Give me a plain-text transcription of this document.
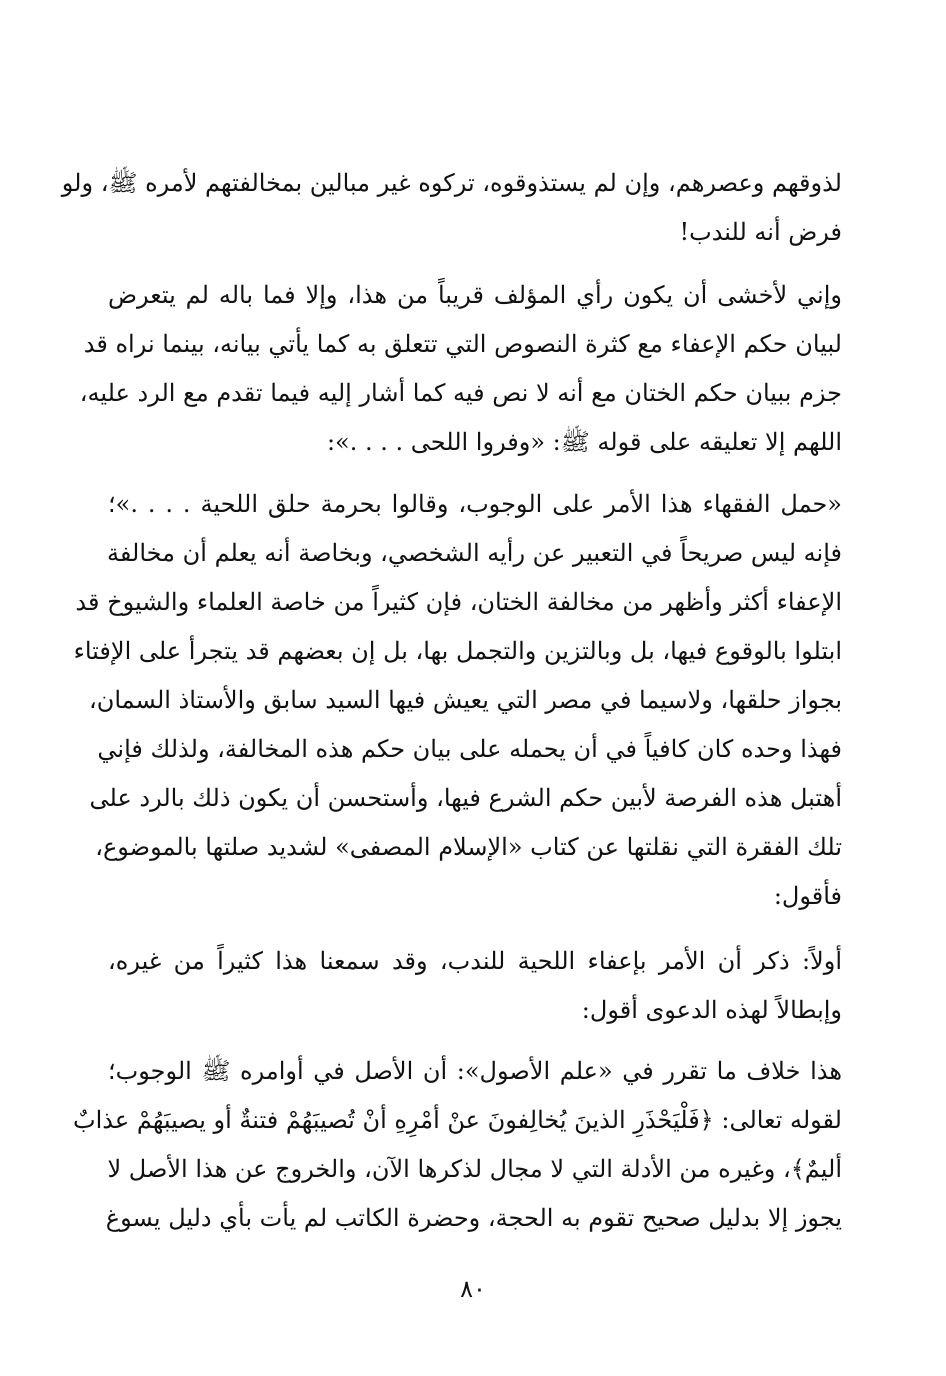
لذوقهم وعصرهم، وإن لم يستذوقوه، تركوه غير مبالين بمخالفتهم لأمره ﷺ، ولو
فرض أنه للندب!

وإني لأخشى أن يكون رأي المؤلف قريباً من هذا، وإلا فما باله لم يتعرض
لبيان حكم الإعفاء مع كثرة النصوص التي تتعلق به كما يأتي بيانه، بينما نراه قد
جزم ببيان حكم الختان مع أنه لا نص فيه كما أشار إليه فيما تقدم مع الرد عليه،
اللهم إلا تعليقه على قوله ﷺ: «وفروا اللحى . . . .»:

«حمل الفقهاء هذا الأمر على الوجوب، وقالوا بحرمة حلق اللحية . . . .»؛
فإنه ليس صريحاً في التعبير عن رأيه الشخصي، وبخاصة أنه يعلم أن مخالفة
الإعفاء أكثر وأظهر من مخالفة الختان، فإن كثيراً من خاصة العلماء والشيوخ قد
ابتلوا بالوقوع فيها، بل وبالتزين والتجمل بها، بل إن بعضهم قد يتجرأ على الإفتاء
بجواز حلقها، ولاسيما في مصر التي يعيش فيها السيد سابق والأستاذ السمان،
فهذا وحده كان كافياً في أن يحمله على بيان حكم هذه المخالفة، ولذلك فإني
أهتبل هذه الفرصة لأبين حكم الشرع فيها، وأستحسن أن يكون ذلك بالرد على
تلك الفقرة التي نقلتها عن كتاب «الإسلام المصفى» لشديد صلتها بالموضوع،
فأقول:

أولاً: ذكر أن الأمر بإعفاء اللحية للندب، وقد سمعنا هذا كثيراً من غيره،
وإبطالاً لهذه الدعوى أقول:

هذا خلاف ما تقرر في «علم الأصول»: أن الأصل في أوامره ﷺ الوجوب؛
لقوله تعالى: ﴿فَلْيَحْذَرِ الذينَ يُخالِفونَ عنْ أمْرِهِ أنْ تُصيبَهُمْ فتنةٌ أو يصيبَهُمْ عذابٌ
أليمٌ﴾، وغيره من الأدلة التي لا مجال لذكرها الآن، والخروج عن هذا الأصل لا
يجوز إلا بدليل صحيح تقوم به الحجة، وحضرة الكاتب لم يأت بأي دليل يسوغ

٨٠
